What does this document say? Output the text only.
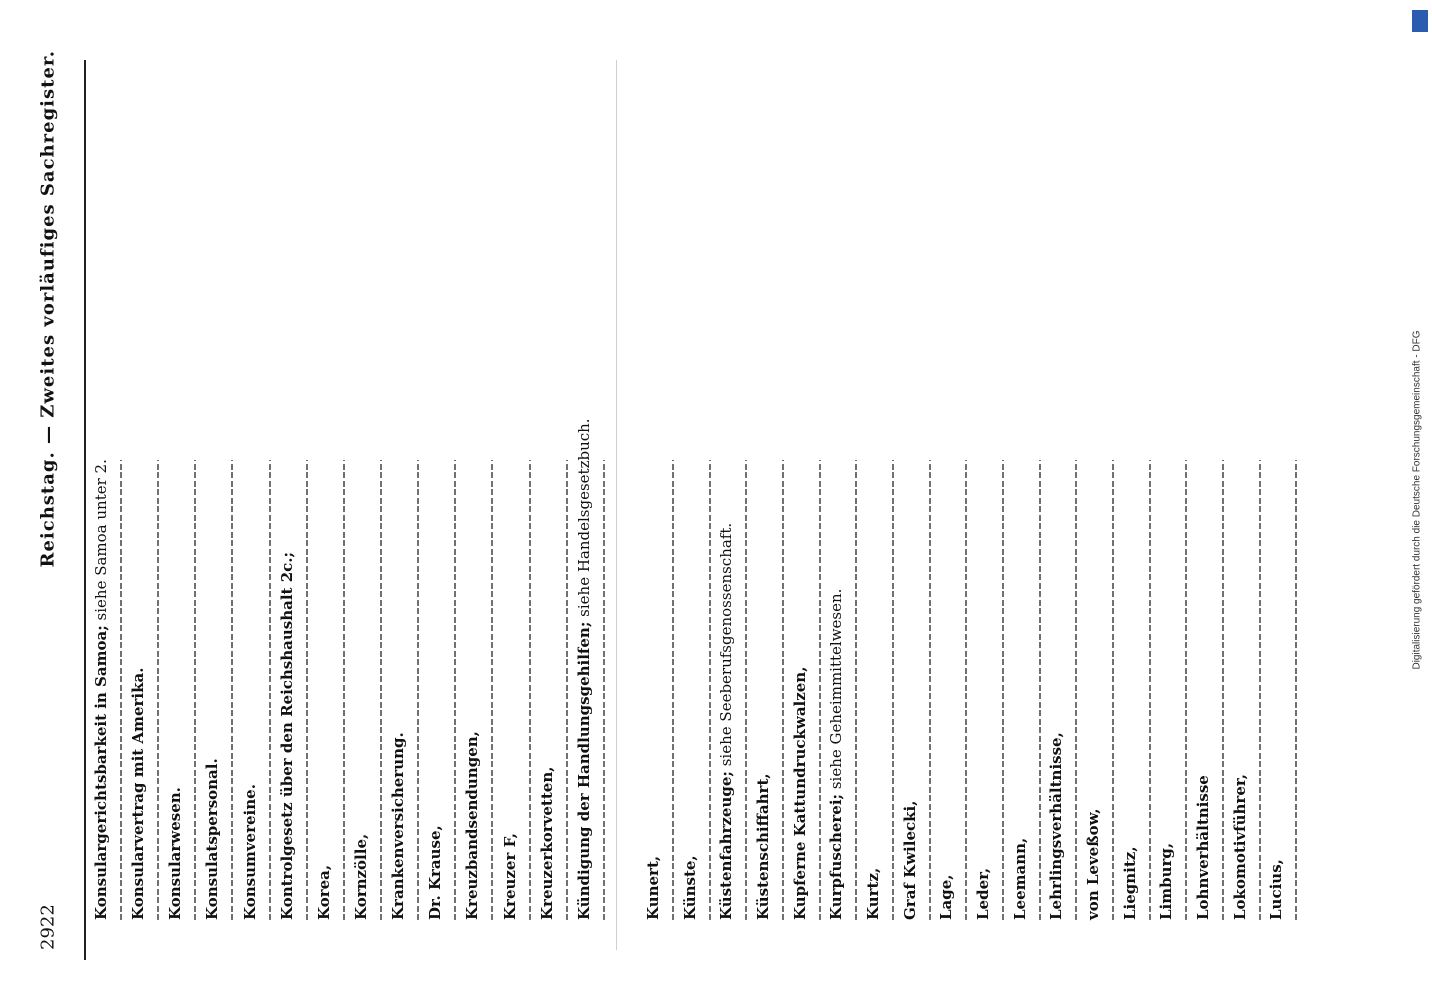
2922
Reichstag. — Zweites vorläufiges Sachregister.
Konsulargerichtsbarkeit in Samoa; siehe Samoa unter 2.
Konsularvertrag mit Amerika. Konsularwesen. Konsulatspersonal. Konsumvereine. Kontrolgesetz über den Reichshaushalt 2c.; Korea, Kornzölle, Krankenversicherung. Dr. Krause, Kreuzbandsendungen, Kreuzer F, Kreuzerkorvetten, Kündigung der Handlungsgehilfen; siehe Handelsgesetzbuch.
Kunert, Künste, Küstenfahrzeuge; siehe Seeberufsgenossenschaft.
Küstenschiffahrt, Kupferne Kattundruckwalzen, Kurpfuscherei; siehe Geheimmittelwesen.
Kurtz, Graf Kwilecki, Lage, Leder, Leemann, Lehrlingsverhältnisse, von Leveßow, Liegnitz, Limburg, Lohnverhältnisse Lokomotivführer, Lucius,
Digitalisierung gefördert durch die Deutsche Forschungsgemeinschaft - DFG
